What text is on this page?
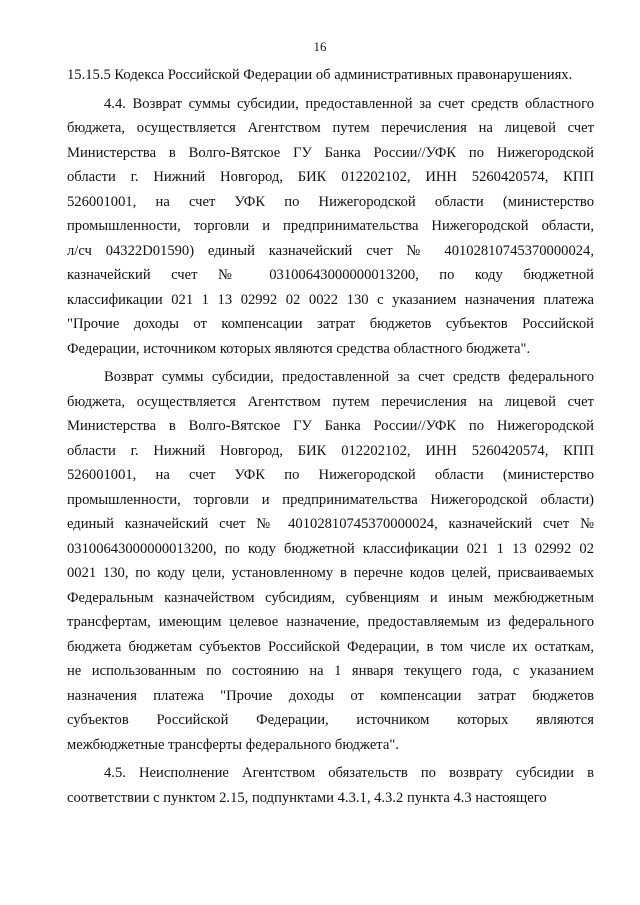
16
15.15.5 Кодекса Российской Федерации об административных правонарушениях.
4.4. Возврат суммы субсидии, предоставленной за счет средств областного
бюджета, осуществляется Агентством путем перечисления на лицевой счет
Министерства в Волго-Вятское ГУ Банка России//УФК по Нижегородской
области г. Нижний Новгород, БИК 012202102, ИНН 5260420574, КПП
526001001, на счет УФК по Нижегородской области (министерство
промышленности, торговли и предпринимательства Нижегородской области,
л/сч 04322D01590) единый казначейский счет № 40102810745370000024,
казначейский счет № 03100643000000013200, по коду бюджетной
классификации 021 1 13 02992 02 0022 130 с указанием назначения платежа
"Прочие доходы от компенсации затрат бюджетов субъектов Российской
Федерации, источником которых являются средства областного бюджета".
Возврат суммы субсидии, предоставленной за счет средств федерального
бюджета, осуществляется Агентством путем перечисления на лицевой счет
Министерства в Волго-Вятское ГУ Банка России//УФК по Нижегородской
области г. Нижний Новгород, БИК 012202102, ИНН 5260420574, КПП
526001001, на счет УФК по Нижегородской области (министерство
промышленности, торговли и предпринимательства Нижегородской области)
единый казначейский счет № 40102810745370000024, казначейский счет №
03100643000000013200, по коду бюджетной классификации 021 1 13 02992 02
0021 130, по коду цели, установленному в перечне кодов целей, присваиваемых
Федеральным казначейством субсидиям, субвенциям и иным межбюджетным
трансфертам, имеющим целевое назначение, предоставляемым из федерального
бюджета бюджетам субъектов Российской Федерации, в том числе их остаткам,
не использованным по состоянию на 1 января текущего года, с указанием
назначения платежа "Прочие доходы от компенсации затрат бюджетов
субъектов Российской Федерации, источником которых являются
межбюджетные трансферты федерального бюджета".
4.5. Неисполнение Агентством обязательств по возврату субсидии в
соответствии с пунктом 2.15, подпунктами 4.3.1, 4.3.2 пункта 4.3 настоящего
